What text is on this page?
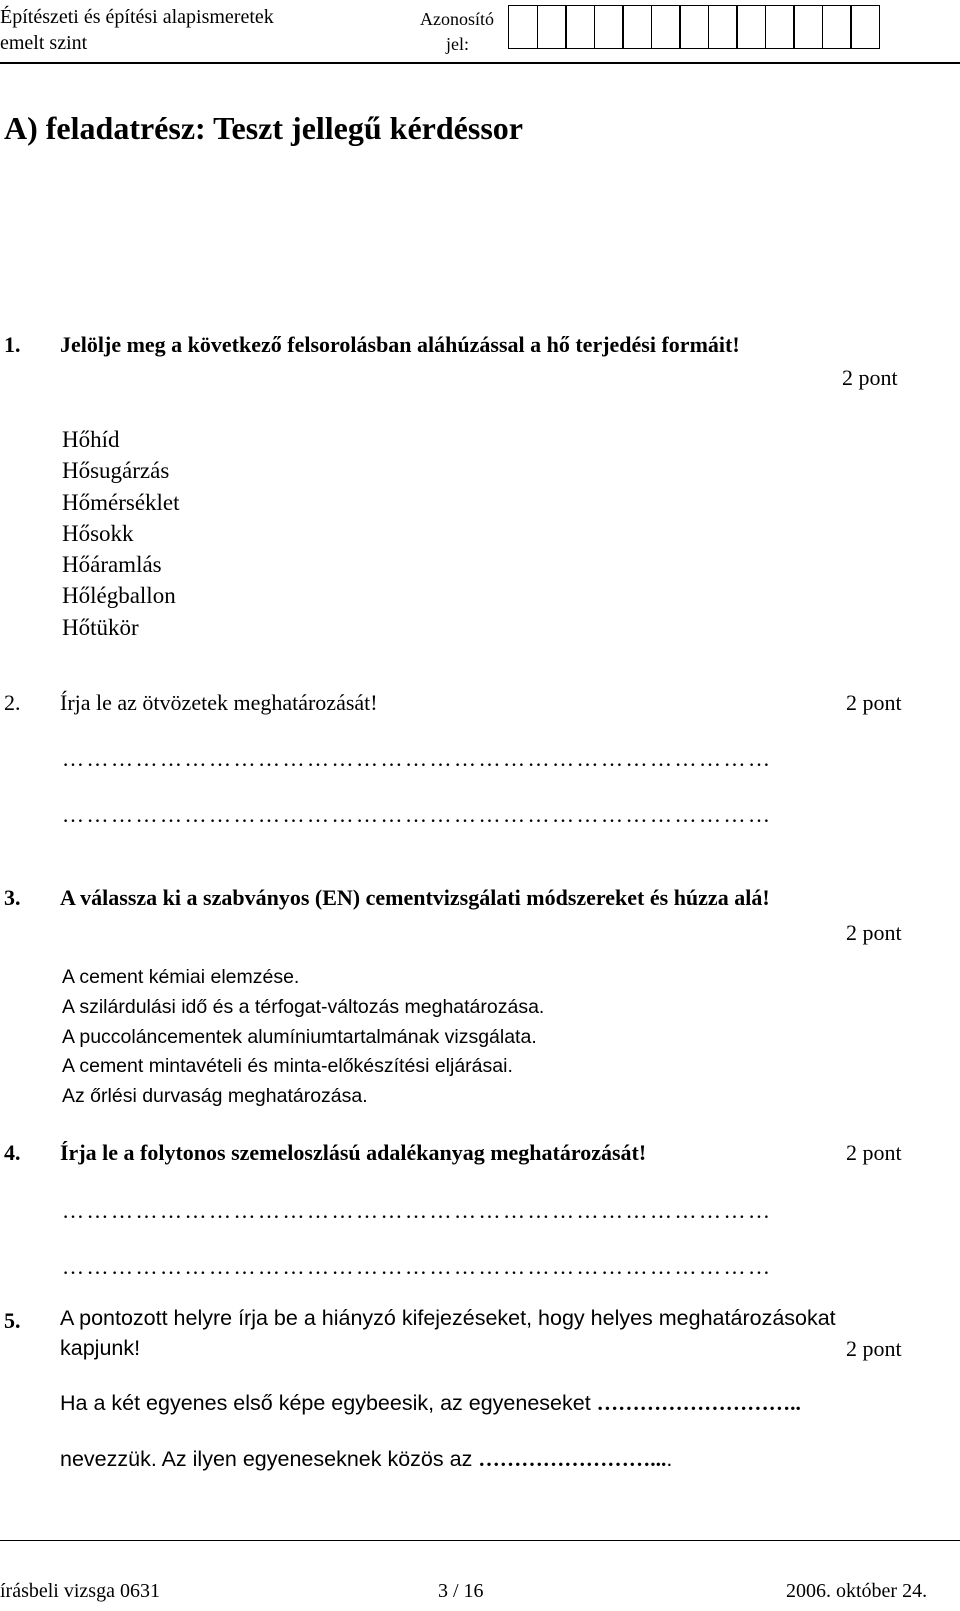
Építészeti és építési alapismeretek
emelt szint
Azonosító
jel:
A) feladatrész: Teszt jellegű kérdéssor
1. Jelölje meg a következő felsorolásban aláhúzással a hő terjedési formáit!
2 pont
Hőhíd
Hősugárzás
Hőmérséklet
Hősokk
Hőáramlás
Hőlégballon
Hőtükör
2. Írja le az ötvözetek meghatározását!	2 pont
……………………………………………………………………………
……………………………………………………………………………
3. A válassza ki a szabványos (EN) cementvizsgálati módszereket és húzza alá!
2 pont
A cement kémiai elemzése.
A szilárdulási idő és a térfogat-változás meghatározása.
A puccoláncementek alumíniumtartalmának vizsgálata.
A cement mintavételi és minta-előkészítési eljárásai.
Az őrlési durvaság meghatározása.
4. Írja le a folytonos szemeloszlású adalékanyag meghatározását!	2 pont
……………………………………………………………………………
……………………………………………………………………………
5. A pontozott helyre írja be a hiányzó kifejezéseket, hogy helyes meghatározásokat
kapjunk!	2 pont
Ha a két egyenes első képe egybeesik, az egyeneseket ………………………..
nevezzük. Az ilyen egyeneseknek közös az ……………………....
írásbeli vizsga 0631	3 / 16	2006. október 24.
